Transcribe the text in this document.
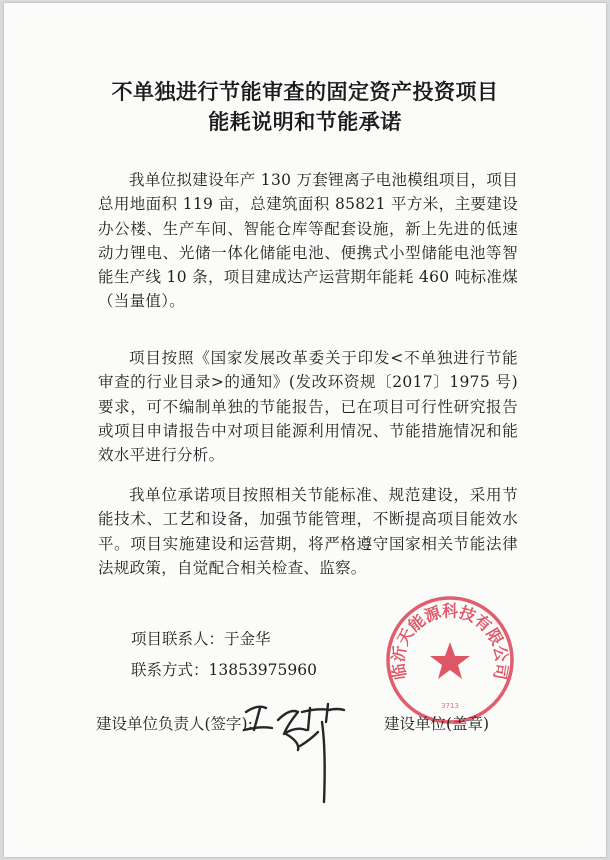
不单独进行节能审查的固定资产投资项目
能耗说明和节能承诺
我单位拟建设年产 130 万套锂离子电池模组项目，项目总用地面积 119 亩，总建筑面积 85821 平方米，主要建设办公楼、生产车间、智能仓库等配套设施，新上先进的低速动力锂电、光储一体化储能电池、便携式小型储能电池等智能生产线 10 条，项目建成达产运营期年能耗 460 吨标准煤（当量值）。
项目按照《国家发展改革委关于印发<不单独进行节能审查的行业目录>的通知》(发改环资规〔2017〕1975 号)要求，可不编制单独的节能报告，已在项目可行性研究报告或项目申请报告中对项目能源利用情况、节能措施情况和能效水平进行分析。
我单位承诺项目按照相关节能标准、规范建设，采用节能技术、工艺和设备，加强节能管理，不断提高项目能效水平。项目实施建设和运营期，将严格遵守国家相关节能法律法规政策，自觉配合相关检查、监察。
项目联系人：于金华
联系方式：13853975960
建设单位负责人(签字):
临沂天能源科技有限公司
3713
建设单位(盖章)
